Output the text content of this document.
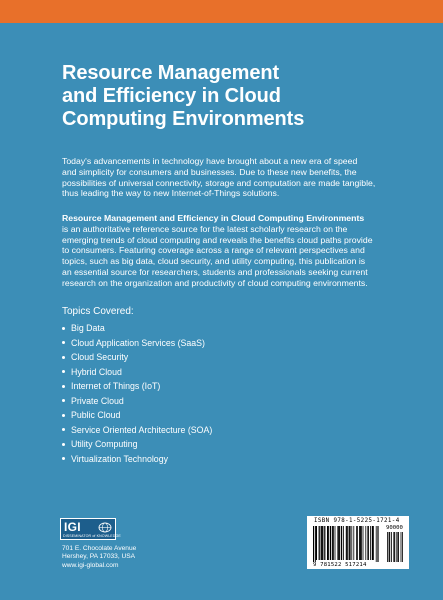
Resource Management
and Efficiency in Cloud
Computing Environments
Today's advancements in technology have brought about a new era of speed
and simplicity for consumers and businesses. Due to these new benefits, the
possibilities of universal connectivity, storage and computation are made tangible,
thus leading the way to new Internet-of-Things solutions.
Resource Management and Efficiency in Cloud Computing Environments
is an authoritative reference source for the latest scholarly research on the
emerging trends of cloud computing and reveals the benefits cloud paths provide
to consumers. Featuring coverage across a range of relevant perspectives and
topics, such as big data, cloud security, and utility computing, this publication is
an essential source for researchers, students and professionals seeking current
research on the organization and productivity of cloud computing environments.
Topics Covered:
Big Data
Cloud Application Services (SaaS)
Cloud Security
Hybrid Cloud
Internet of Things (IoT)
Private Cloud
Public Cloud
Service Oriented Architecture (SOA)
Utility Computing
Virtualization Technology
IGI
DISSEMINATOR of KNOWLEDGE
701 E. Chocolate Avenue
Hershey, PA 17033, USA
www.igi-global.com
ISBN 978-1-5225-1721-4
9 781522 517214
90000
